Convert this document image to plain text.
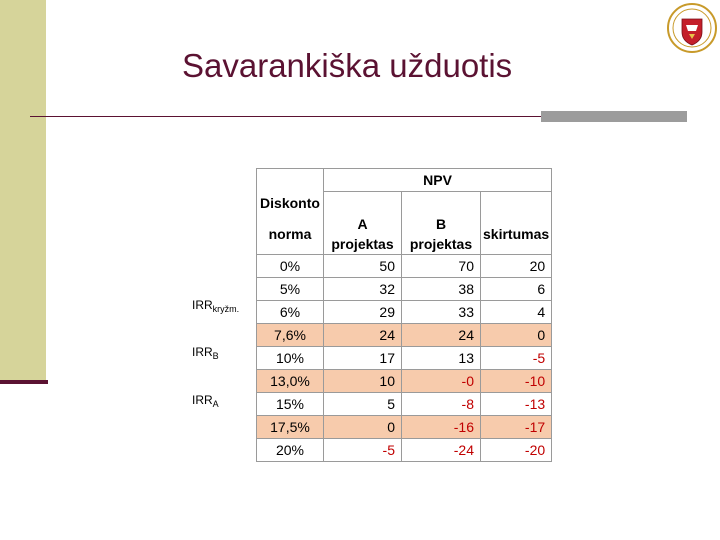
Savarankiška užduotis
	NPV		
Diskonto			
norma	A projektas	B projektas	skirtumas
0%	50	70	20
5%	32	38	6
6%	29	33	4
7,6%	24	24	0
10%	17	13	-5
13,0%	10	-0	-10
15%	5	-8	-13
17,5%	0	-16	-17
20%	-5	-24	-20
$IRR_{kryžm.}$
$IRR_B$
$IRR_A$
